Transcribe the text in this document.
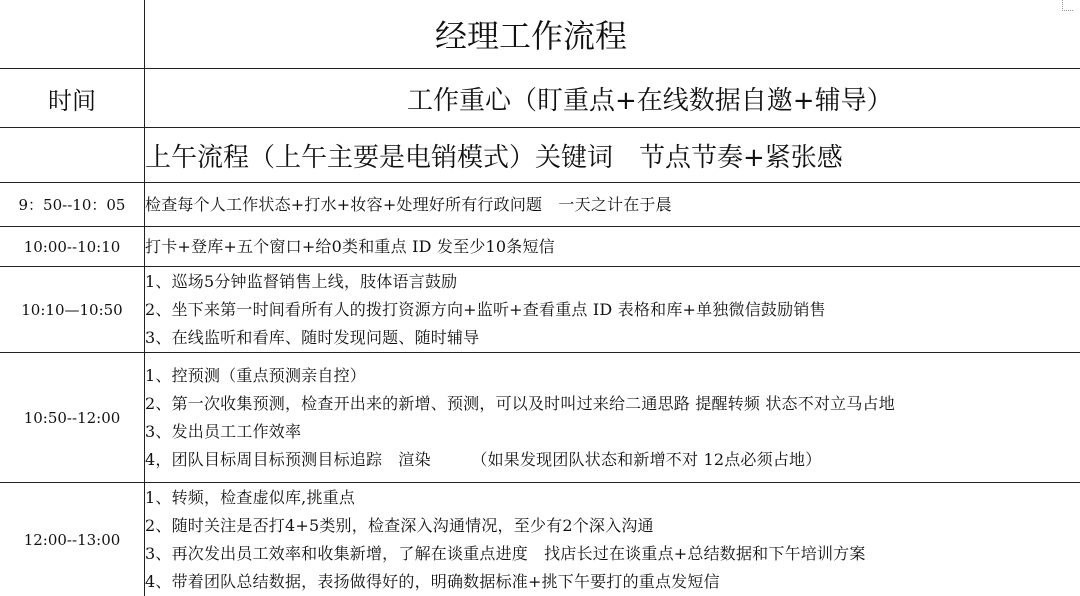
经理工作流程
时间	工作重心（盯重点+在线数据自邀+辅导）
上午流程（上午主要是电销模式）关键词　节点节奏+紧张感
9：50--10：05 检查每个人工作状态+打水+妆容+处理好所有行政问题　一天之计在于晨
10:00--10:10 打卡+登库+五个窗口+给0类和重点 ID 发至少10条短信
10:10—10:50
1、巡场5分钟监督销售上线，肢体语言鼓励
2、坐下来第一时间看所有人的拨打资源方向+监听+查看重点 ID 表格和库+单独微信鼓励销售
3、在线监听和看库、随时发现问题、随时辅导
10:50--12:00
1、控预测（重点预测亲自控）
2、第一次收集预测，检查开出来的新增、预测，可以及时叫过来给二通思路 提醒转频 状态不对立马占地
3、发出员工工作效率
4，团队目标周目标预测目标追踪　渲染　　　（如果发现团队状态和新增不对 12点必须占地）
12:00--13:00
1、转频，检查虚似库,挑重点
2、随时关注是否打4+5类别，检查深入沟通情况，至少有2个深入沟通
3、再次发出员工效率和收集新增，了解在谈重点进度　找店长过在谈重点+总结数据和下午培训方案
4、带着团队总结数据，表扬做得好的，明确数据标准+挑下午要打的重点发短信
